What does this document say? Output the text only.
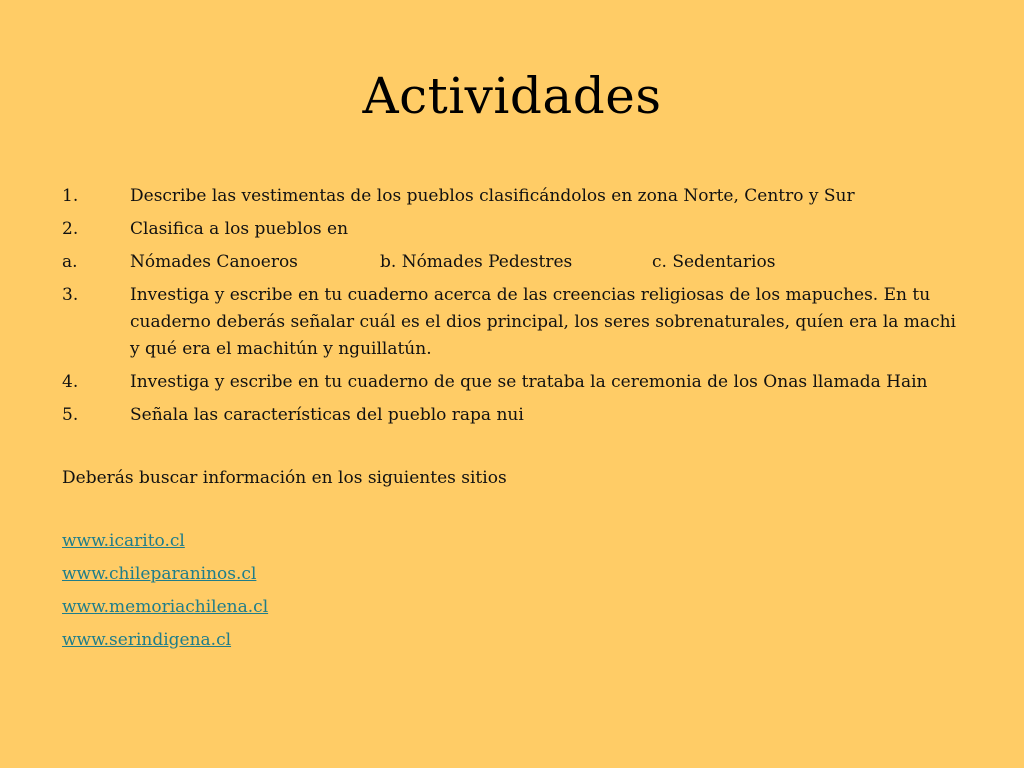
Actividades
1.	Describe las vestimentas de los pueblos clasificándolos en zona Norte, Centro y Sur
2.	Clasifica a los pueblos en
a.	Nómades Canoeros	b. Nómades Pedestres	c. Sedentarios
3.	Investiga y escribe en tu cuaderno acerca de las creencias religiosas de los mapuches. En tu cuaderno deberás señalar cuál es el dios principal, los seres sobrenaturales, quíen era la machi y qué era el machitún y nguillatún.
4.	Investiga y escribe en tu cuaderno de que se trataba la ceremonia de los Onas llamada Hain
5.	Señala las características del pueblo rapa nui
Deberás buscar información en los siguientes sitios
www.icarito.cl
www.chileparaninos.cl
www.memoriachilena.cl
www.serindigena.cl
